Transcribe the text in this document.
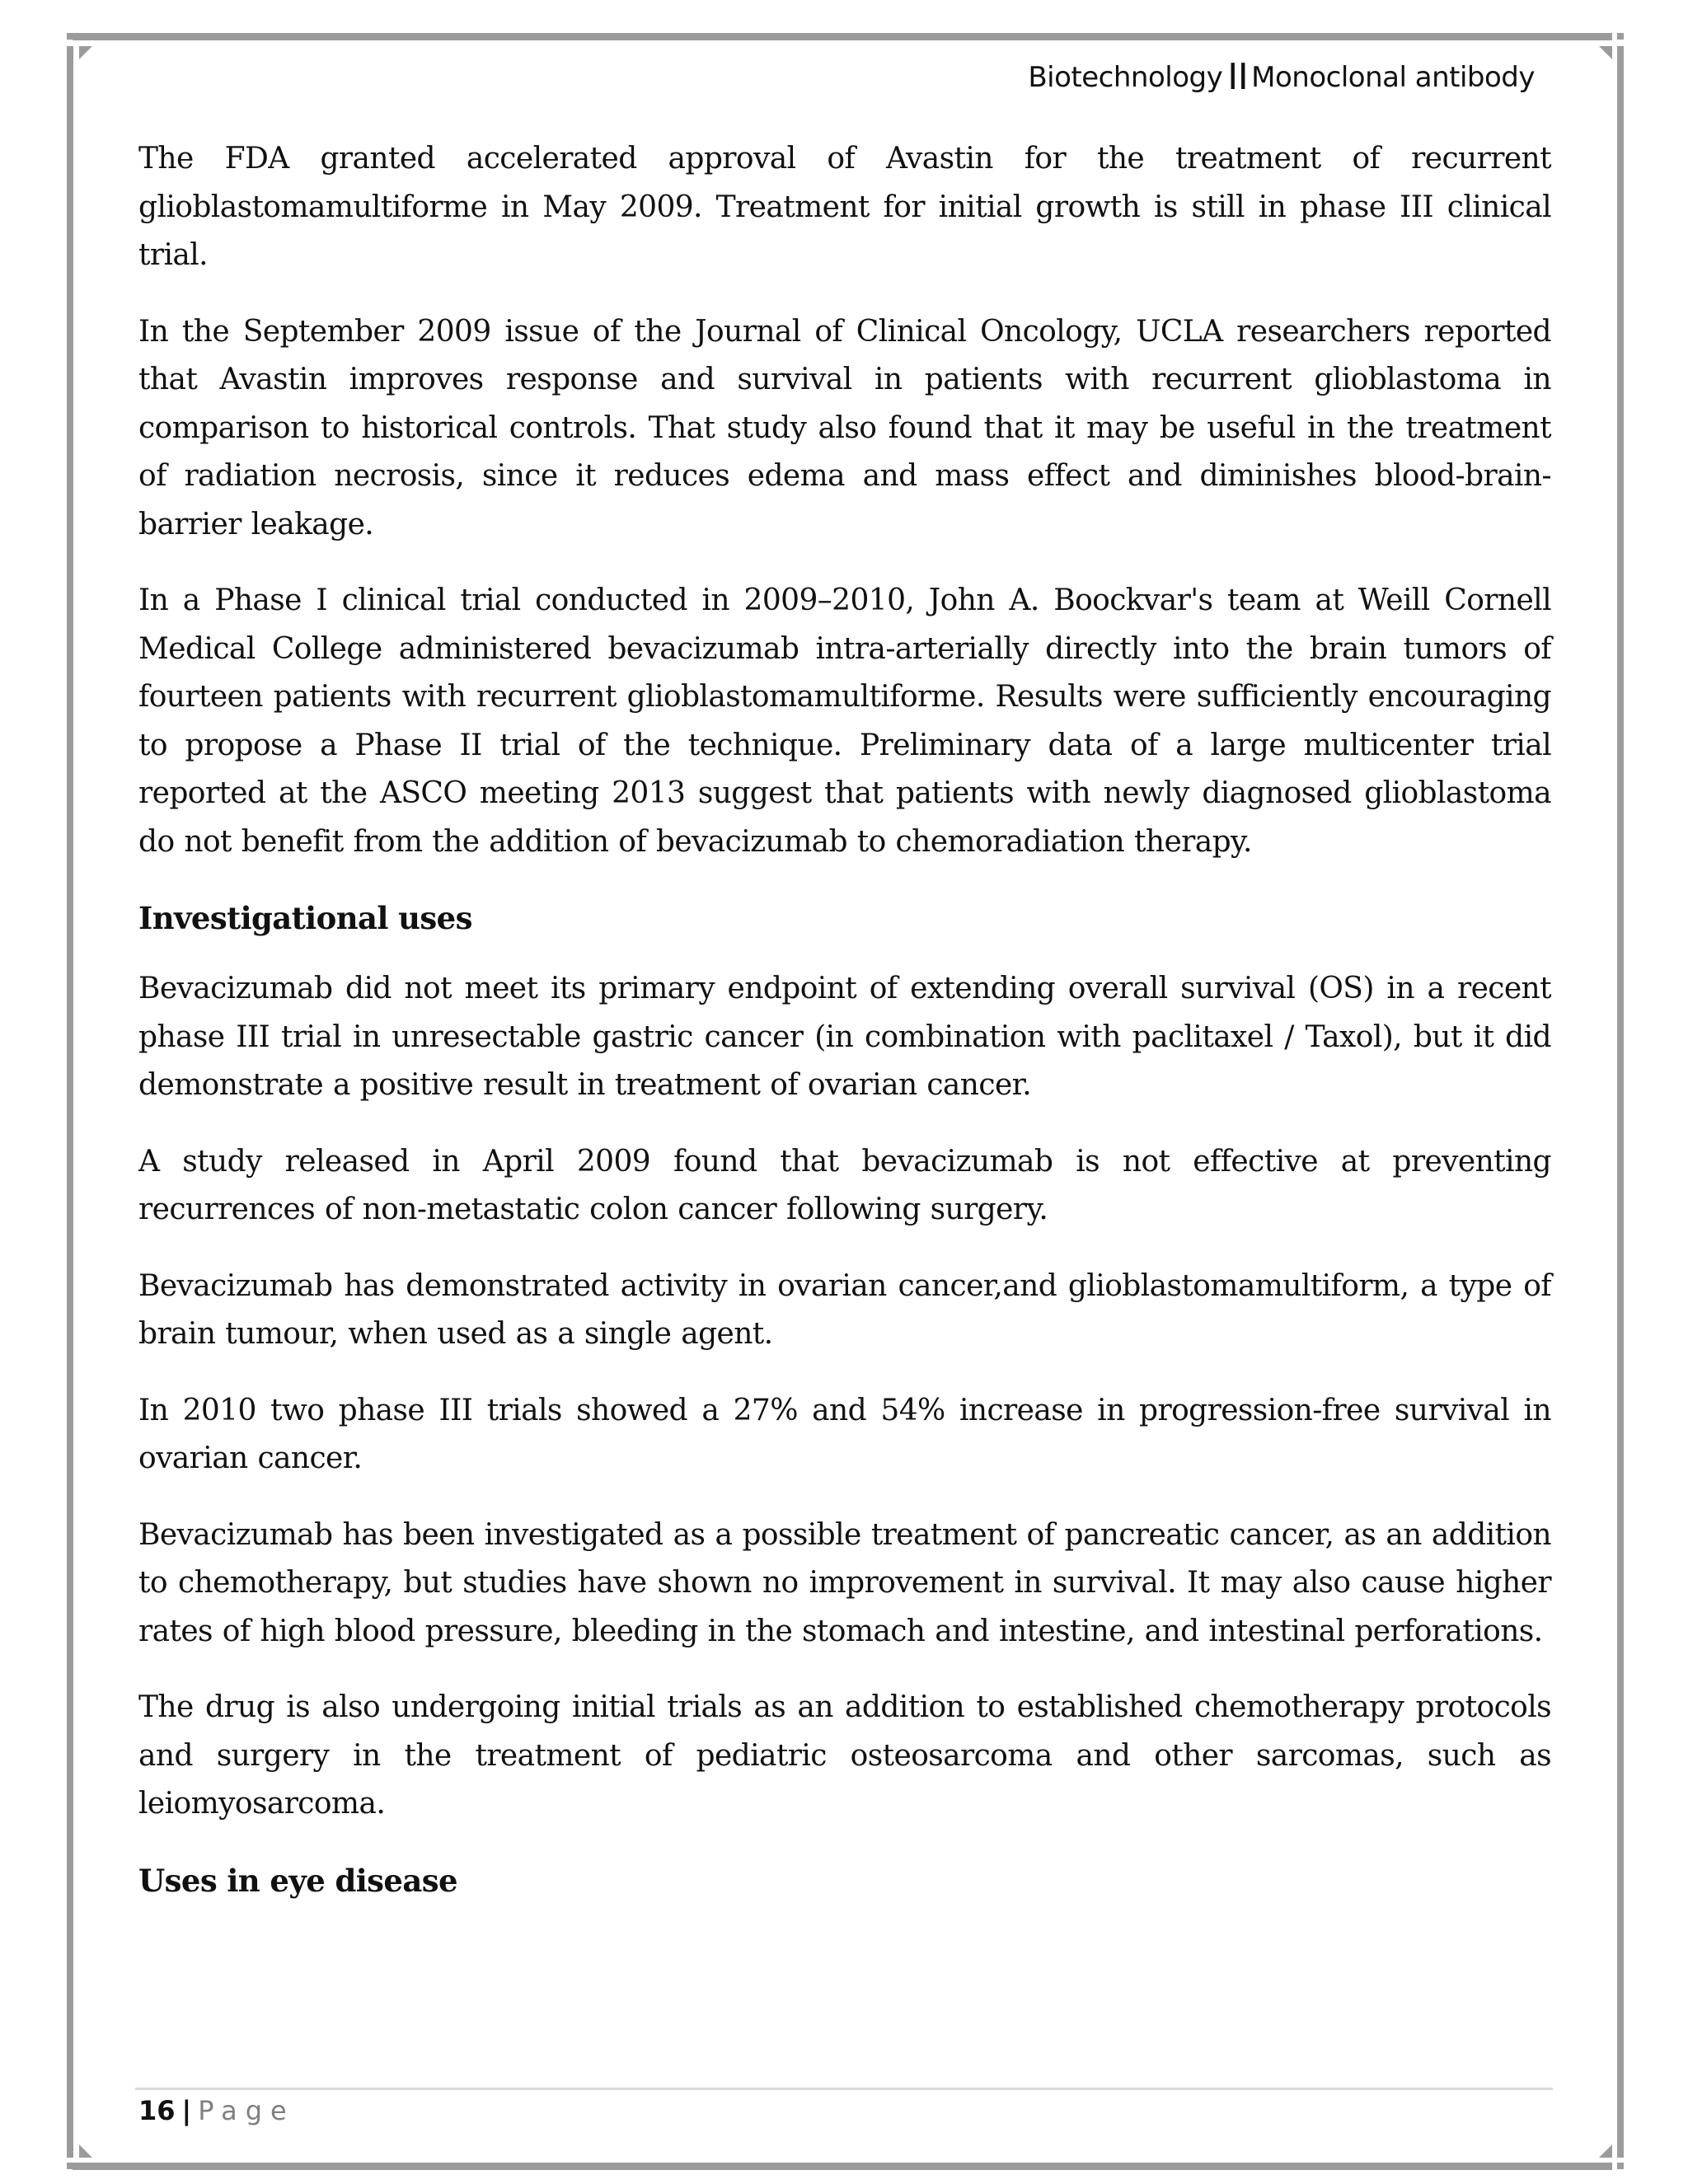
Biotechnology II Monoclonal antibody

The FDA granted accelerated approval of Avastin for the treatment of recurrent glioblastomamultiforme in May 2009. Treatment for initial growth is still in phase III clinical trial.

In the September 2009 issue of the Journal of Clinical Oncology, UCLA researchers reported that Avastin improves response and survival in patients with recurrent glioblastoma in comparison to historical controls. That study also found that it may be useful in the treatment of radiation necrosis, since it reduces edema and mass effect and diminishes blood-brain-barrier leakage.

In a Phase I clinical trial conducted in 2009–2010, John A. Boockvar's team at Weill Cornell Medical College administered bevacizumab intra-arterially directly into the brain tumors of fourteen patients with recurrent glioblastomamultiforme. Results were sufficiently encouraging to propose a Phase II trial of the technique. Preliminary data of a large multicenter trial reported at the ASCO meeting 2013 suggest that patients with newly diagnosed glioblastoma do not benefit from the addition of bevacizumab to chemoradiation therapy.

Investigational uses

Bevacizumab did not meet its primary endpoint of extending overall survival (OS) in a recent phase III trial in unresectable gastric cancer (in combination with paclitaxel / Taxol), but it did demonstrate a positive result in treatment of ovarian cancer.

A study released in April 2009 found that bevacizumab is not effective at preventing recurrences of non-metastatic colon cancer following surgery.

Bevacizumab has demonstrated activity in ovarian cancer,and glioblastomamultiform, a type of brain tumour, when used as a single agent.

In 2010 two phase III trials showed a 27% and 54% increase in progression-free survival in ovarian cancer.

Bevacizumab has been investigated as a possible treatment of pancreatic cancer, as an addition to chemotherapy, but studies have shown no improvement in survival. It may also cause higher rates of high blood pressure, bleeding in the stomach and intestine, and intestinal perforations.

The drug is also undergoing initial trials as an addition to established chemotherapy protocols and surgery in the treatment of pediatric osteosarcoma and other sarcomas, such as leiomyosarcoma.

Uses in eye disease
16 | Page
